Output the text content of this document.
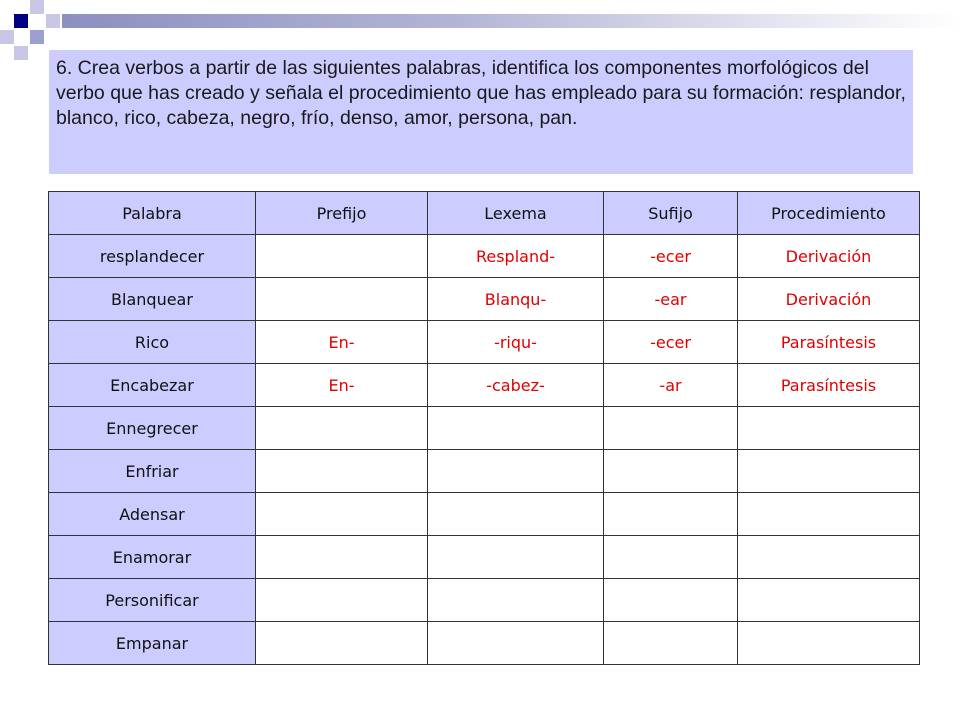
6. Crea verbos a partir de las siguientes palabras, identifica los componentes morfológicos del verbo que has creado y señala el procedimiento que has empleado para su formación: resplandor, blanco, rico, cabeza, negro, frío, denso, amor, persona, pan.
Palabra	Prefijo	Lexema	Sufijo	Procedimiento
resplandecer		Respland-	-ecer	Derivación
Blanquear		Blanqu-	-ear	Derivación
Rico	En-	-riqu-	-ecer	Parasíntesis
Encabezar	En-	-cabez-	-ar	Parasíntesis
Ennegrecer				
Enfriar				
Adensar				
Enamorar				
Personificar				
Empanar				
